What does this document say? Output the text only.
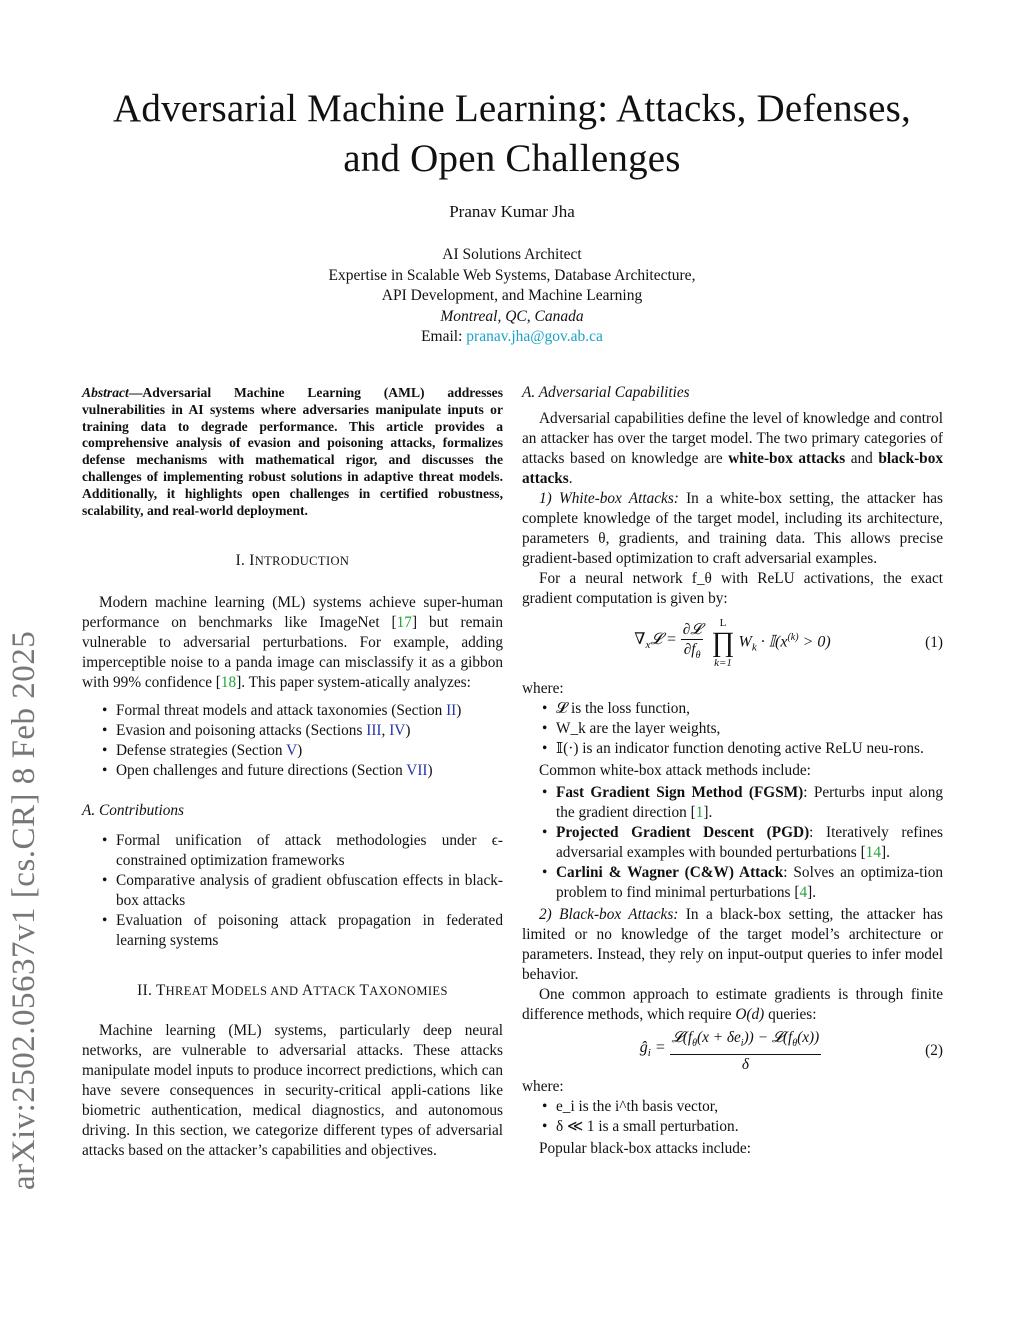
arXiv:2502.05637v1 [cs.CR] 8 Feb 2025
Adversarial Machine Learning: Attacks, Defenses,
and Open Challenges
Pranav Kumar Jha
AI Solutions Architect
Expertise in Scalable Web Systems, Database Architecture,
API Development, and Machine Learning
Montreal, QC, Canada
Email: pranav.jha@gov.ab.ca

Abstract—Adversarial Machine Learning (AML) addresses vulnerabilities in AI systems where adversaries manipulate inputs or training data to degrade performance. This article provides a comprehensive analysis of evasion and poisoning attacks, formalizes defense mechanisms with mathematical rigor, and discusses the challenges of implementing robust solutions in adaptive threat models. Additionally, it highlights open challenges in certified robustness, scalability, and real-world deployment.

I. INTRODUCTION

Modern machine learning (ML) systems achieve super-human performance on benchmarks like ImageNet [17] but remain vulnerable to adversarial perturbations. For example, adding imperceptible noise to a panda image can misclassify it as a gibbon with 99% confidence [18]. This paper system-atically analyzes:

• Formal threat models and attack taxonomies (Section II)
• Evasion and poisoning attacks (Sections III, IV)
• Defense strategies (Section V)
• Open challenges and future directions (Section VII)
A. Contributions
• Formal unification of attack methodologies under ϵ-constrained optimization frameworks
• Comparative analysis of gradient obfuscation effects in black-box attacks
• Evaluation of poisoning attack propagation in federated learning systems
II. THREAT MODELS AND ATTACK TAXONOMIES

Machine learning (ML) systems, particularly deep neural networks, are vulnerable to adversarial attacks. These attacks manipulate model inputs to produce incorrect predictions, which can have severe consequences in security-critical appli-cations like biometric authentication, medical diagnostics, and autonomous driving. In this section, we categorize different types of adversarial attacks based on the attacker’s capabilities and objectives.

A. Adversarial Capabilities

Adversarial capabilities define the level of knowledge and control an attacker has over the target model. The two primary categories of attacks based on knowledge are white-box attacks and black-box attacks.

1) White-box Attacks: In a white-box setting, the attacker has complete knowledge of the target model, including its architecture, parameters θ, gradients, and training data. This allows precise gradient-based optimization to craft adversarial examples.

For a neural network f_θ with ReLU activations, the exact gradient computation is given by:

$\nabla_x𝓛 = \frac{\text{∂𝓛}}{\partial f_\theta}$ L
∏
k=1
$W_k$ · $𝕀(x^{(k)} > 0)$	(1)

where:

• 𝓛 is the loss function,
• W_k are the layer weights,
• 𝕀(·) is an indicator function denoting active ReLU neu-rons.

Common white-box attack methods include:

• Fast Gradient Sign Method (FGSM): Perturbs input along the gradient direction [1].
• Projected Gradient Descent (PGD): Iteratively refines adversarial examples with bounded perturbations [14].
• Carlini & Wagner (C&W) Attack: Solves an optimiza-tion problem to find minimal perturbations [4].

2) Black-box Attacks: In a black-box setting, the attacker has limited or no knowledge of the target model’s architecture or parameters. Instead, they rely on input-output queries to infer model behavior.

One common approach to estimate gradients is through finite difference methods, which require O(d) queries:

$ĝ_i = \frac{𝓛(f_\theta(x + \delta e_i)) - 𝓛(f_\theta(x))}{\delta}$	(2)

where:

• e_i is the i^th basis vector,
• δ ≪ 1 is a small perturbation.

Popular black-box attacks include:
